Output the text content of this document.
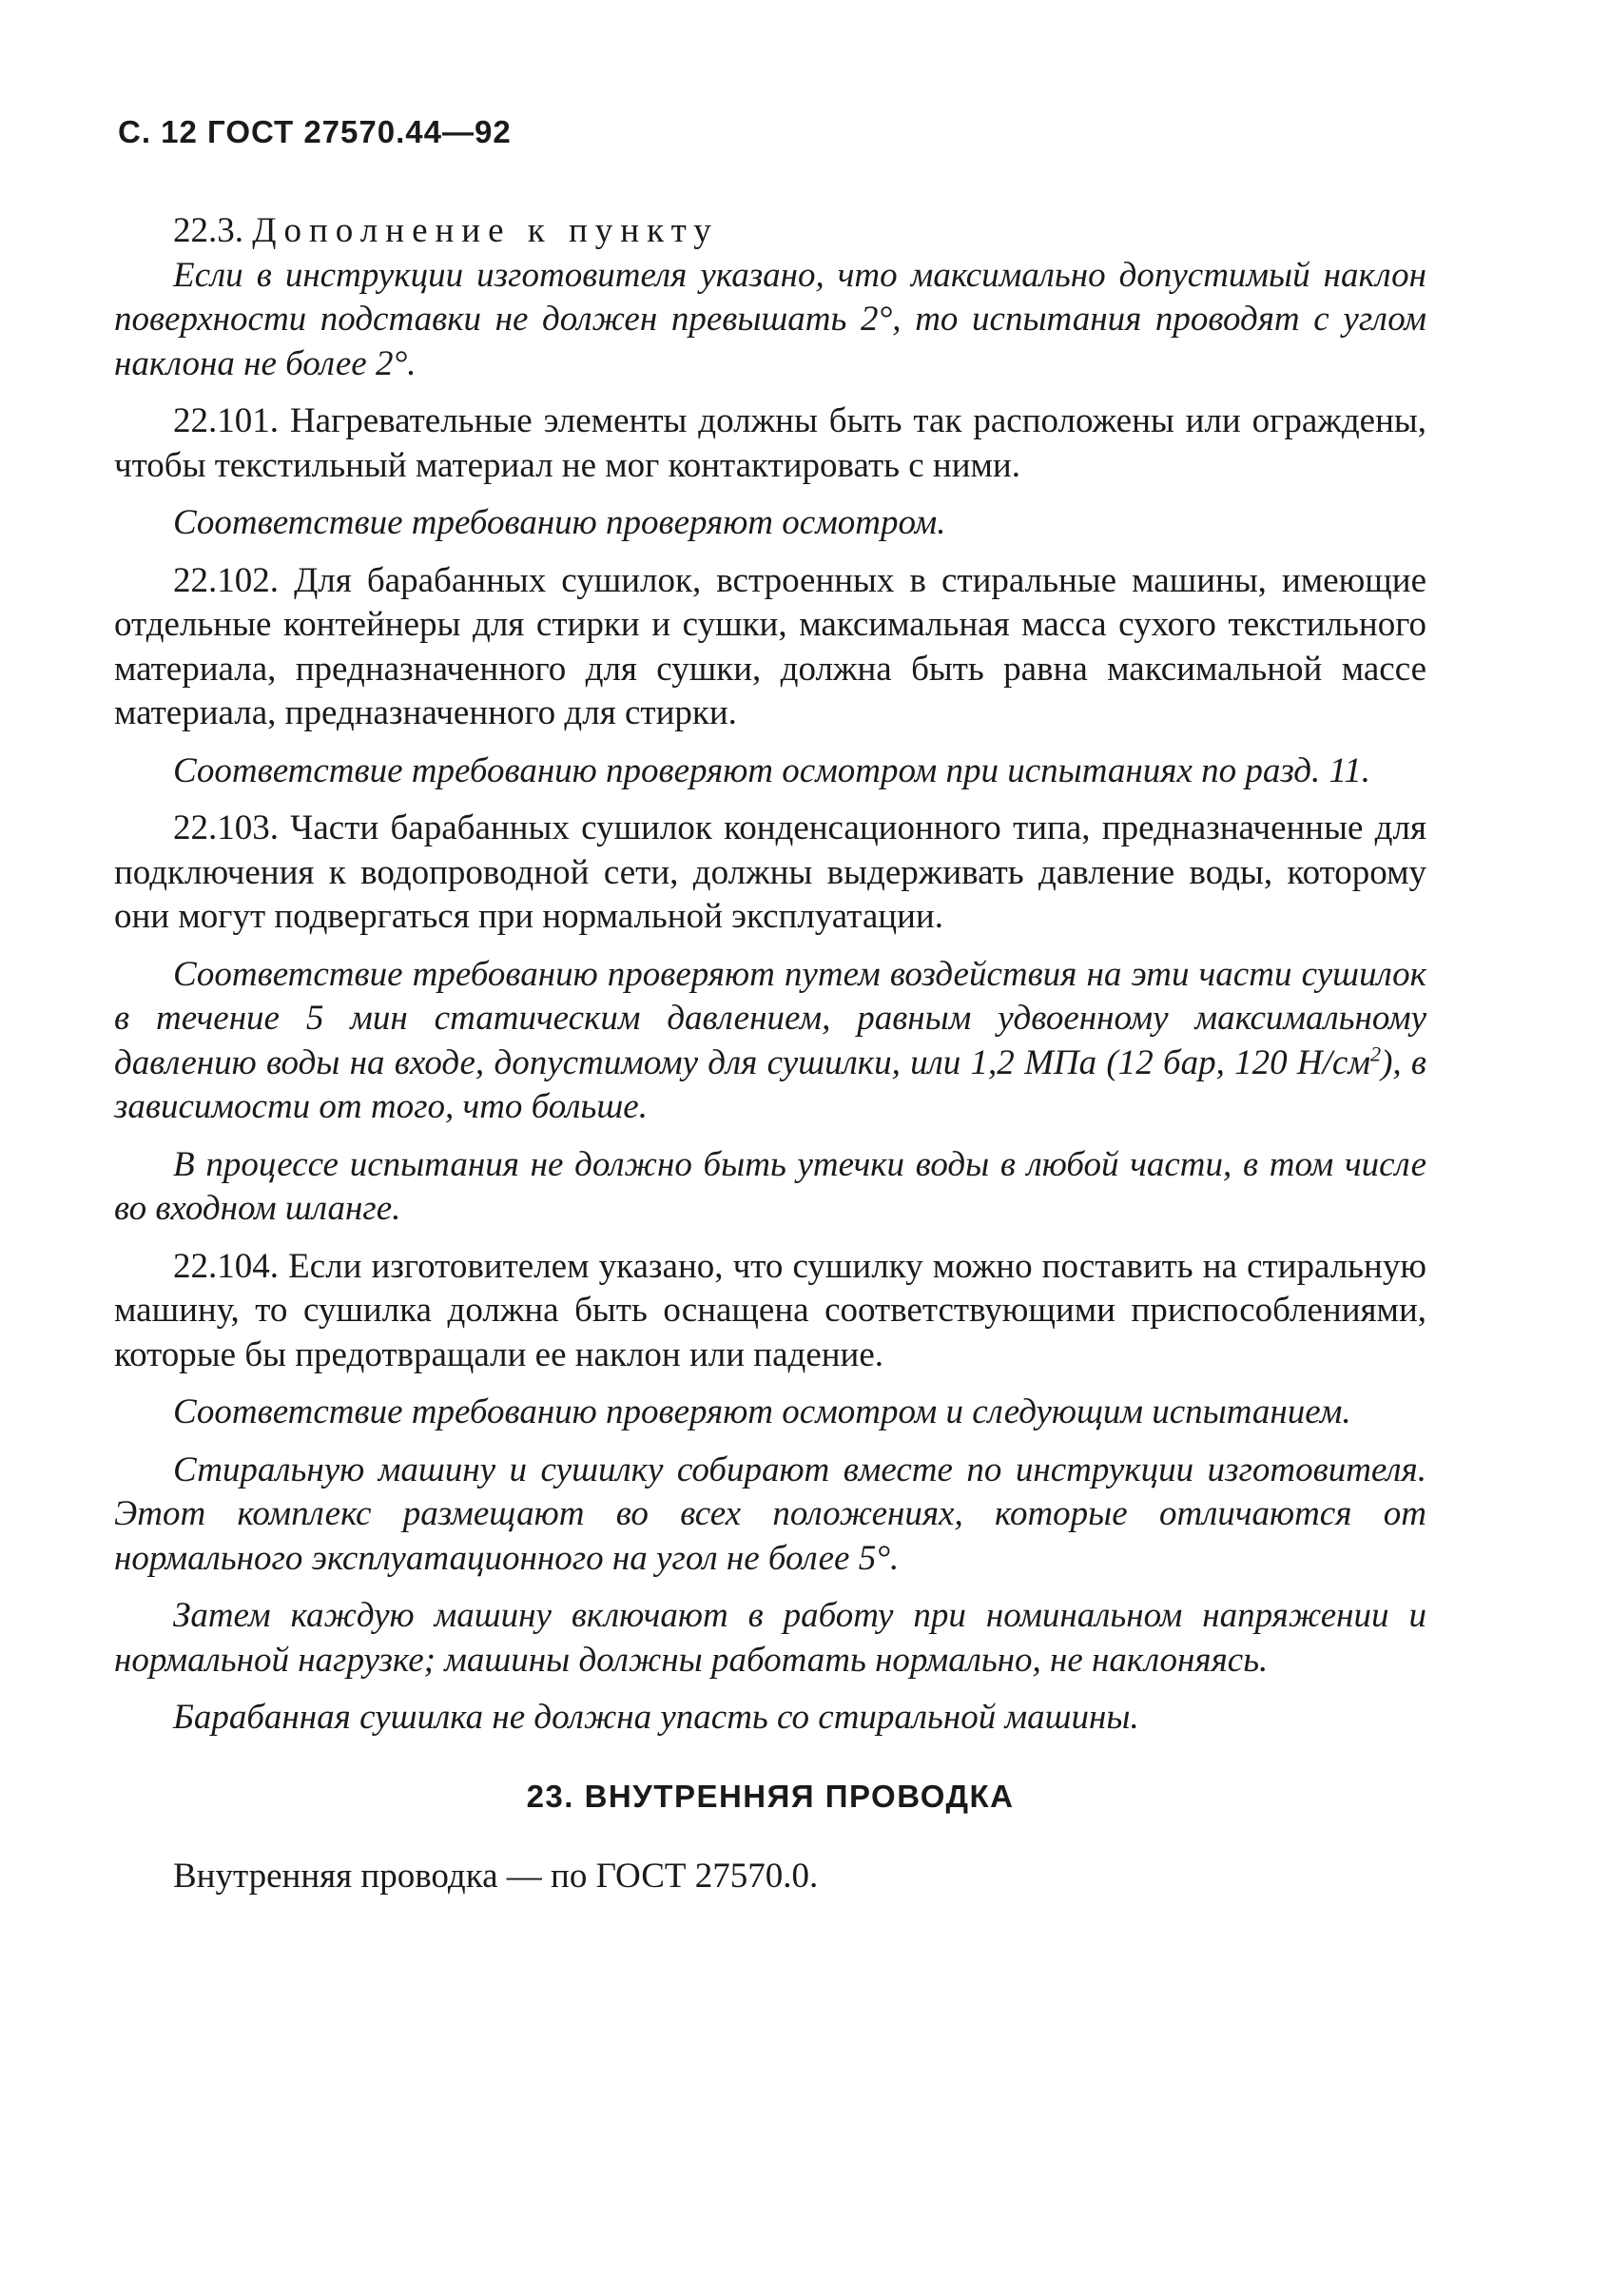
С. 12 ГОСТ 27570.44—92

22.3. Дополнение к пункту

Если в инструкции изготовителя указано, что максимально допустимый наклон поверхности подставки не должен превышать 2°, то испытания проводят с углом наклона не более 2°.

22.101. Нагревательные элементы должны быть так расположены или ограждены, чтобы текстильный материал не мог контактировать с ними.

Соответствие требованию проверяют осмотром.

22.102. Для барабанных сушилок, встроенных в стиральные машины, имеющие отдельные контейнеры для стирки и сушки, максимальная масса сухого текстильного материала, предназначенного для сушки, должна быть равна максимальной массе материала, предназначенного для стирки.

Соответствие требованию проверяют осмотром при испытаниях по разд. 11.

22.103. Части барабанных сушилок конденсационного типа, предназначенные для подключения к водопроводной сети, должны выдерживать давление воды, которому они могут подвергаться при нормальной эксплуатации.

Соответствие требованию проверяют путем воздействия на эти части сушилок в течение 5 мин статическим давлением, равным удвоенному максимальному давлению воды на входе, допустимому для сушилки, или 1,2 МПа (12 бар, 120 $Н/см^2$), в зависимости от того, что больше.

В процессе испытания не должно быть утечки воды в любой части, в том числе во входном шланге.

22.104. Если изготовителем указано, что сушилку можно поставить на стиральную машину, то сушилка должна быть оснащена соответствующими приспособлениями, которые бы предотвращали ее наклон или падение.

Соответствие требованию проверяют осмотром и следующим испытанием.

Стиральную машину и сушилку собирают вместе по инструкции изготовителя. Этот комплекс размещают во всех положениях, которые отличаются от нормального эксплуатационного на угол не более 5°.

Затем каждую машину включают в работу при номинальном напряжении и нормальной нагрузке; машины должны работать нормально, не наклоняясь.

Барабанная сушилка не должна упасть со стиральной машины.

23. ВНУТРЕННЯЯ ПРОВОДКА

Внутренняя проводка — по ГОСТ 27570.0.
